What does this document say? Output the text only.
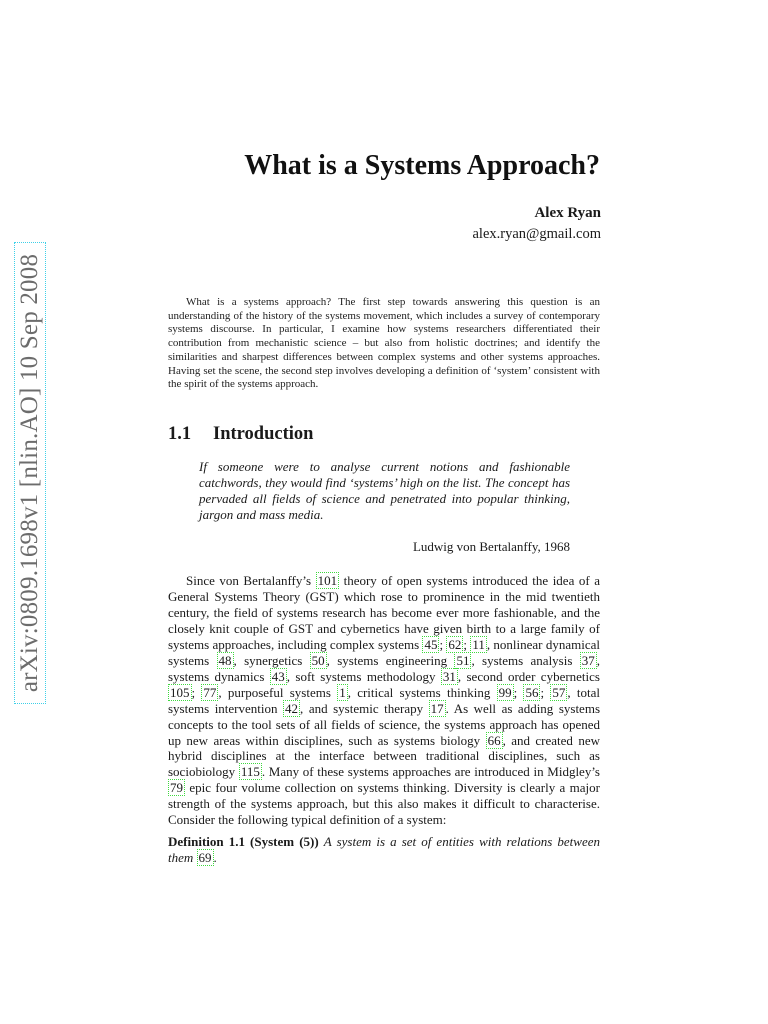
arXiv:0809.1698v1 [nlin.AO] 10 Sep 2008
What is a Systems Approach?
Alex Ryan
alex.ryan@gmail.com
What is a systems approach? The first step towards answering this question is an understanding of the history of the systems movement, which includes a survey of contemporary systems discourse. In particular, I examine how systems researchers differentiated their contribution from mechanistic science – but also from holistic doctrines; and identify the similarities and sharpest differences between complex systems and other systems approaches. Having set the scene, the second step involves developing a definition of ‘system’ consistent with the spirit of the systems approach.
1.1 Introduction
If someone were to analyse current notions and fashionable catchwords, they would find ‘systems’ high on the list. The concept has pervaded all fields of science and penetrated into popular thinking, jargon and mass media.
Ludwig von Bertalanffy, 1968
Since von Bertalanffy’s 101 theory of open systems introduced the idea of a General Systems Theory (GST) which rose to prominence in the mid twentieth century, the field of systems research has become ever more fashionable, and the closely knit couple of GST and cybernetics have given birth to a large family of systems approaches, including complex systems 45 ; 62 ; 11 , nonlinear dynamical systems 48 , synergetics 50 , systems engineering 51 , systems analysis 37 , systems dynamics 43 , soft systems methodology 31 , second order cybernetics 105 ; 77 , purposeful systems 1 , critical systems thinking 99 ; 56 ; 57 , total systems intervention 42 , and systemic therapy 17 . As well as adding systems concepts to the tool sets of all fields of science, the systems approach has opened up new areas within disciplines, such as systems biology 66 , and created new hybrid disciplines at the interface between traditional disciplines, such as sociobiology 115 . Many of these systems approaches are introduced in Midgley’s 79 epic four volume collection on systems thinking. Diversity is clearly a major strength of the systems approach, but this also makes it difficult to characterise. Consider the following typical definition of a system:
Definition 1.1 (System (5)) A system is a set of entities with relations between them 69 .
